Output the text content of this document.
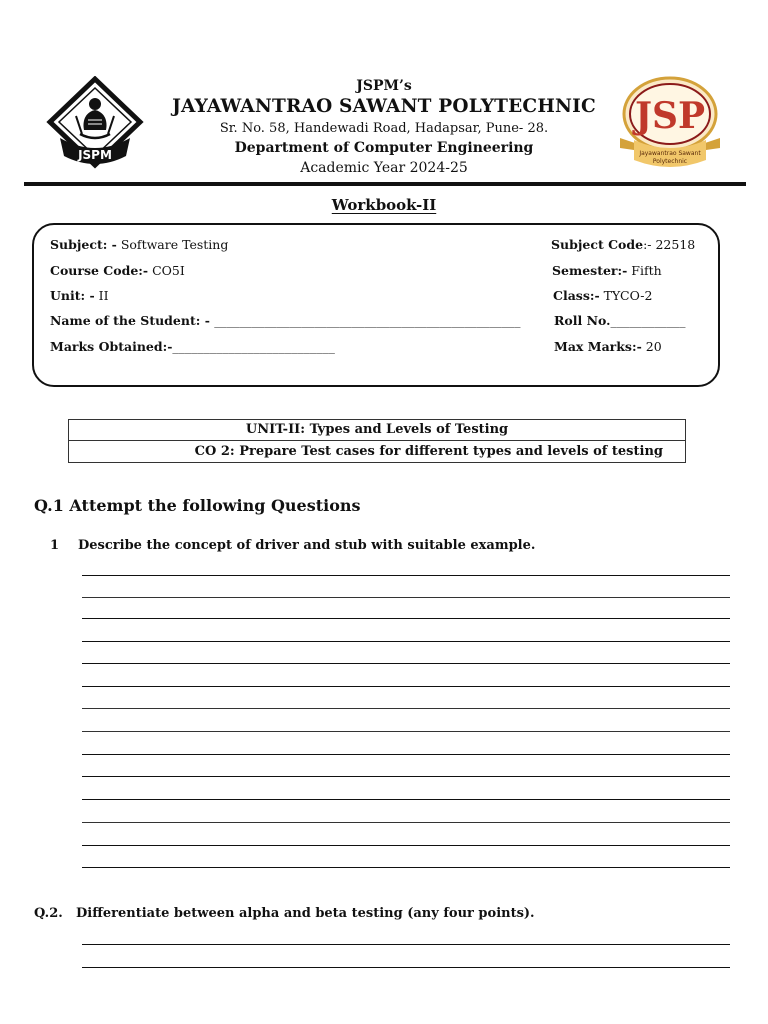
JSPM
JSP
Jayawantrao Sawant
Polytechnic
JSPM’s
JAYAWANTRAO SAWANT POLYTECHNIC
Sr. No. 58, Handewadi Road, Hadapsar, Pune- 28.
Department of Computer Engineering
Academic Year 2024-25
Workbook-II
Subject: - Software Testing
Course Code:- CO5I
Unit: - II
Name of the Student: - _________________________________________________
Marks Obtained:-__________________________
Subject Code:- 22518
Semester:- Fifth
Class:- TYCO-2
Roll No.____________
Max Marks:- 20
UNIT-II: Types and Levels of Testing
CO 2: Prepare Test cases for different types and levels of testing
Q.1 Attempt the following Questions
1 Describe the concept of driver and stub with suitable example.
Q.2. Differentiate between alpha and beta testing (any four points).
